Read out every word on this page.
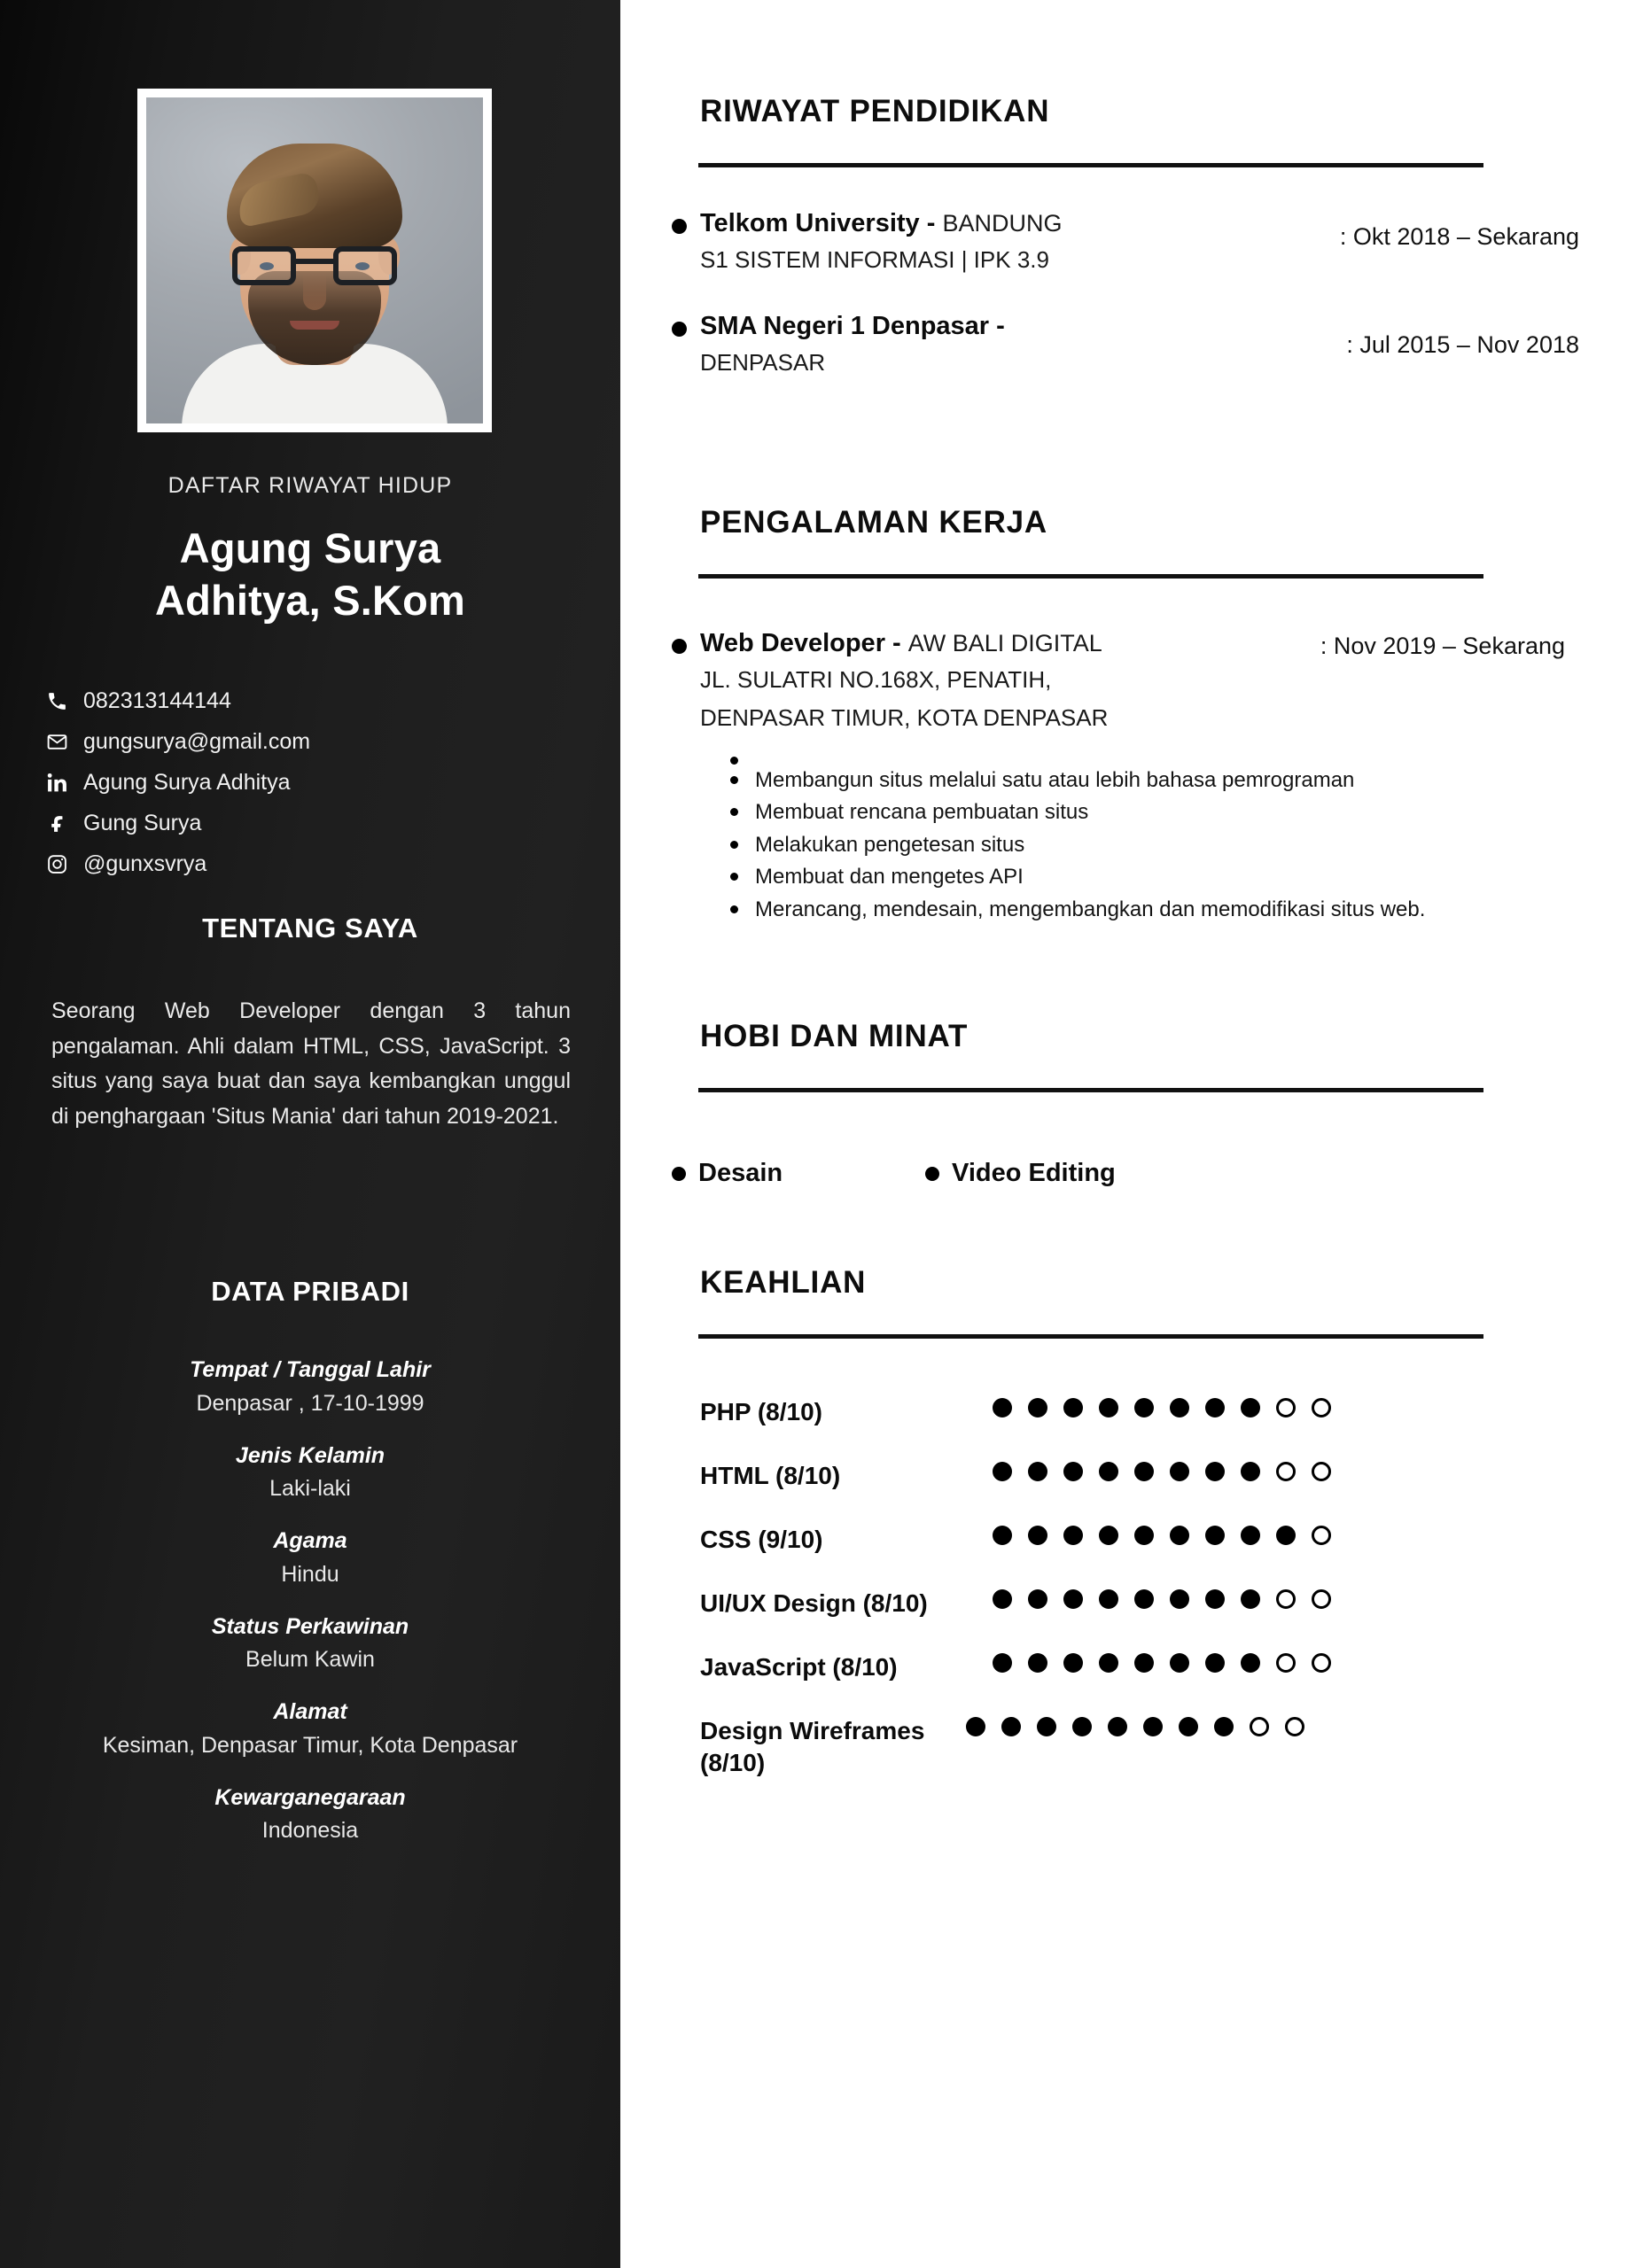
DAFTAR RIWAYAT HIDUP
Agung Surya
Adhitya, S.Kom
082313144144
gungsurya@gmail.com
Agung Surya Adhitya
Gung Surya
@gunxsvrya
TENTANG SAYA
Seorang Web Developer dengan 3 tahun pengalaman. Ahli dalam HTML, CSS, JavaScript. 3 situs yang saya buat dan saya kembangkan unggul di penghargaan 'Situs Mania' dari tahun 2019-2021.
DATA PRIBADI
Tempat / Tanggal Lahir
Denpasar , 17-10-1999
Jenis Kelamin
Laki-laki
Agama
Hindu
Status Perkawinan
Belum Kawin
Alamat
Kesiman, Denpasar Timur, Kota Denpasar
Kewarganegaraan
Indonesia
RIWAYAT PENDIDIKAN
Telkom University - BANDUNG
S1 SISTEM INFORMASI | IPK 3.9
: Okt 2018 – Sekarang
SMA Negeri 1 Denpasar -
DENPASAR
: Jul 2015 – Nov 2018
PENGALAMAN KERJA
Web Developer - AW BALI DIGITAL
JL. SULATRI NO.168X, PENATIH,
DENPASAR TIMUR, KOTA DENPASAR
: Nov 2019 – Sekarang
Membangun situs melalui satu atau lebih bahasa pemrograman
Membuat rencana pembuatan situs
Melakukan pengetesan situs
Membuat dan mengetes API
Merancang, mendesain, mengembangkan dan memodifikasi situs web.
HOBI DAN MINAT
Desain	Video Editing
KEAHLIAN
PHP (8/10)
HTML (8/10)
CSS (9/10)
UI/UX Design (8/10)
JavaScript (8/10)
Design Wireframes (8/10)
